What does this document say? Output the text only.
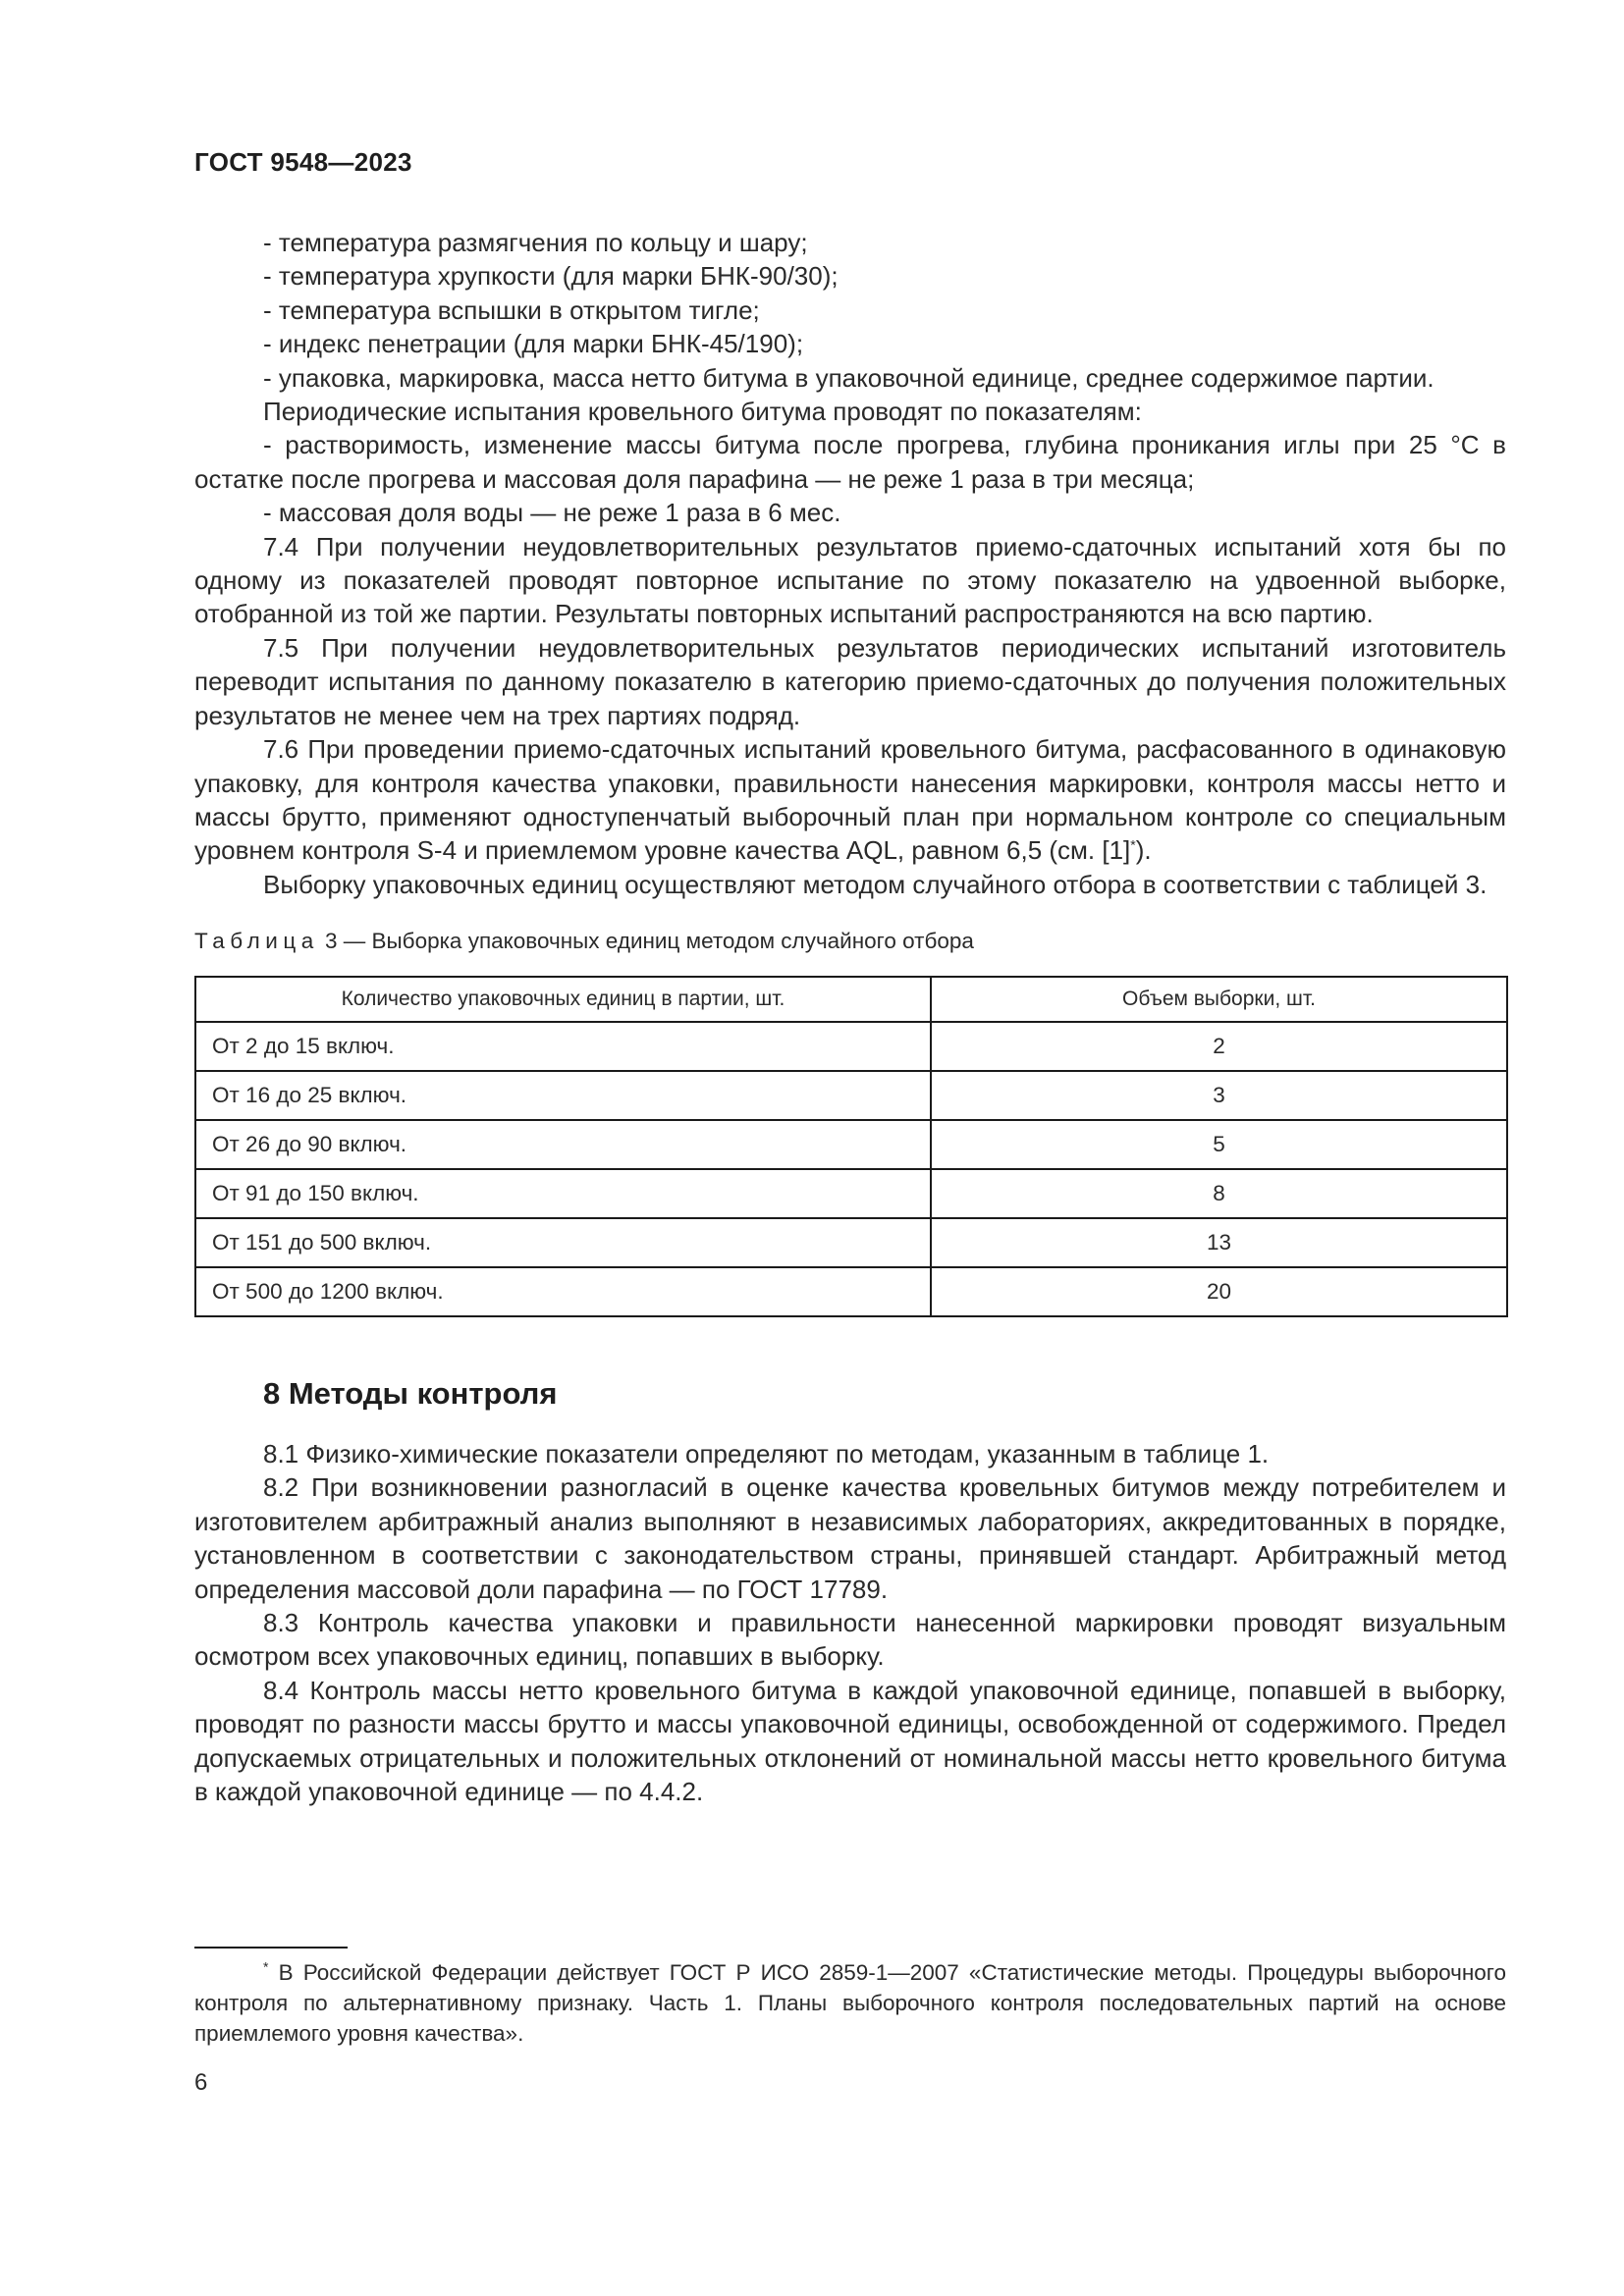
ГОСТ 9548—2023

- температура размягчения по кольцу и шару;

- температура хрупкости (для марки БНК-90/30);

- температура вспышки в открытом тигле;

- индекс пенетрации (для марки БНК-45/190);

- упаковка, маркировка, масса нетто битума в упаковочной единице, среднее содержимое партии.

Периодические испытания кровельного битума проводят по показателям:

- растворимость, изменение массы битума после прогрева, глубина проникания иглы при 25 °С в остатке после прогрева и массовая доля парафина — не реже 1 раза в три месяца;

- массовая доля воды — не реже 1 раза в 6 мес.

7.4 При получении неудовлетворительных результатов приемо-сдаточных испытаний хотя бы по одному из показателей проводят повторное испытание по этому показателю на удвоенной выборке, отобранной из той же партии. Результаты повторных испытаний распространяются на всю партию.

7.5 При получении неудовлетворительных результатов периодических испытаний изготовитель переводит испытания по данному показателю в категорию приемо-сдаточных до получения положительных результатов не менее чем на трех партиях подряд.

7.6 При проведении приемо-сдаточных испытаний кровельного битума, расфасованного в одинаковую упаковку, для контроля качества упаковки, правильности нанесения маркировки, контроля массы нетто и массы брутто, применяют одноступенчатый выборочный план при нормальном контроле со специальным уровнем контроля S-4 и приемлемом уровне качества AQL, равном 6,5 (см. [1]*).

Выборку упаковочных единиц осуществляют методом случайного отбора в соответствии с таблицей 3.

Таблица 3 — Выборка упаковочных единиц методом случайного отбора
Количество упаковочных единиц в партии, шт.	Объем выборки, шт.
От 2 до 15 включ.	2
От 16 до 25 включ.	3
От 26 до 90 включ.	5
От 91 до 150 включ.	8
От 151 до 500 включ.	13
От 500 до 1200 включ.	20
8 Методы контроля

8.1 Физико-химические показатели определяют по методам, указанным в таблице 1.

8.2 При возникновении разногласий в оценке качества кровельных битумов между потребителем и изготовителем арбитражный анализ выполняют в независимых лабораториях, аккредитованных в порядке, установленном в соответствии с законодательством страны, принявшей стандарт. Арбитражный метод определения массовой доли парафина — по ГОСТ 17789.

8.3 Контроль качества упаковки и правильности нанесенной маркировки проводят визуальным осмотром всех упаковочных единиц, попавших в выборку.

8.4 Контроль массы нетто кровельного битума в каждой упаковочной единице, попавшей в выборку, проводят по разности массы брутто и массы упаковочной единицы, освобожденной от содержимого. Предел допускаемых отрицательных и положительных отклонений от номинальной массы нетто кровельного битума в каждой упаковочной единице — по 4.4.2.

* В Российской Федерации действует ГОСТ Р ИСО 2859-1—2007 «Статистические методы. Процедуры выборочного контроля по альтернативному признаку. Часть 1. Планы выборочного контроля последовательных партий на основе приемлемого уровня качества».

6
